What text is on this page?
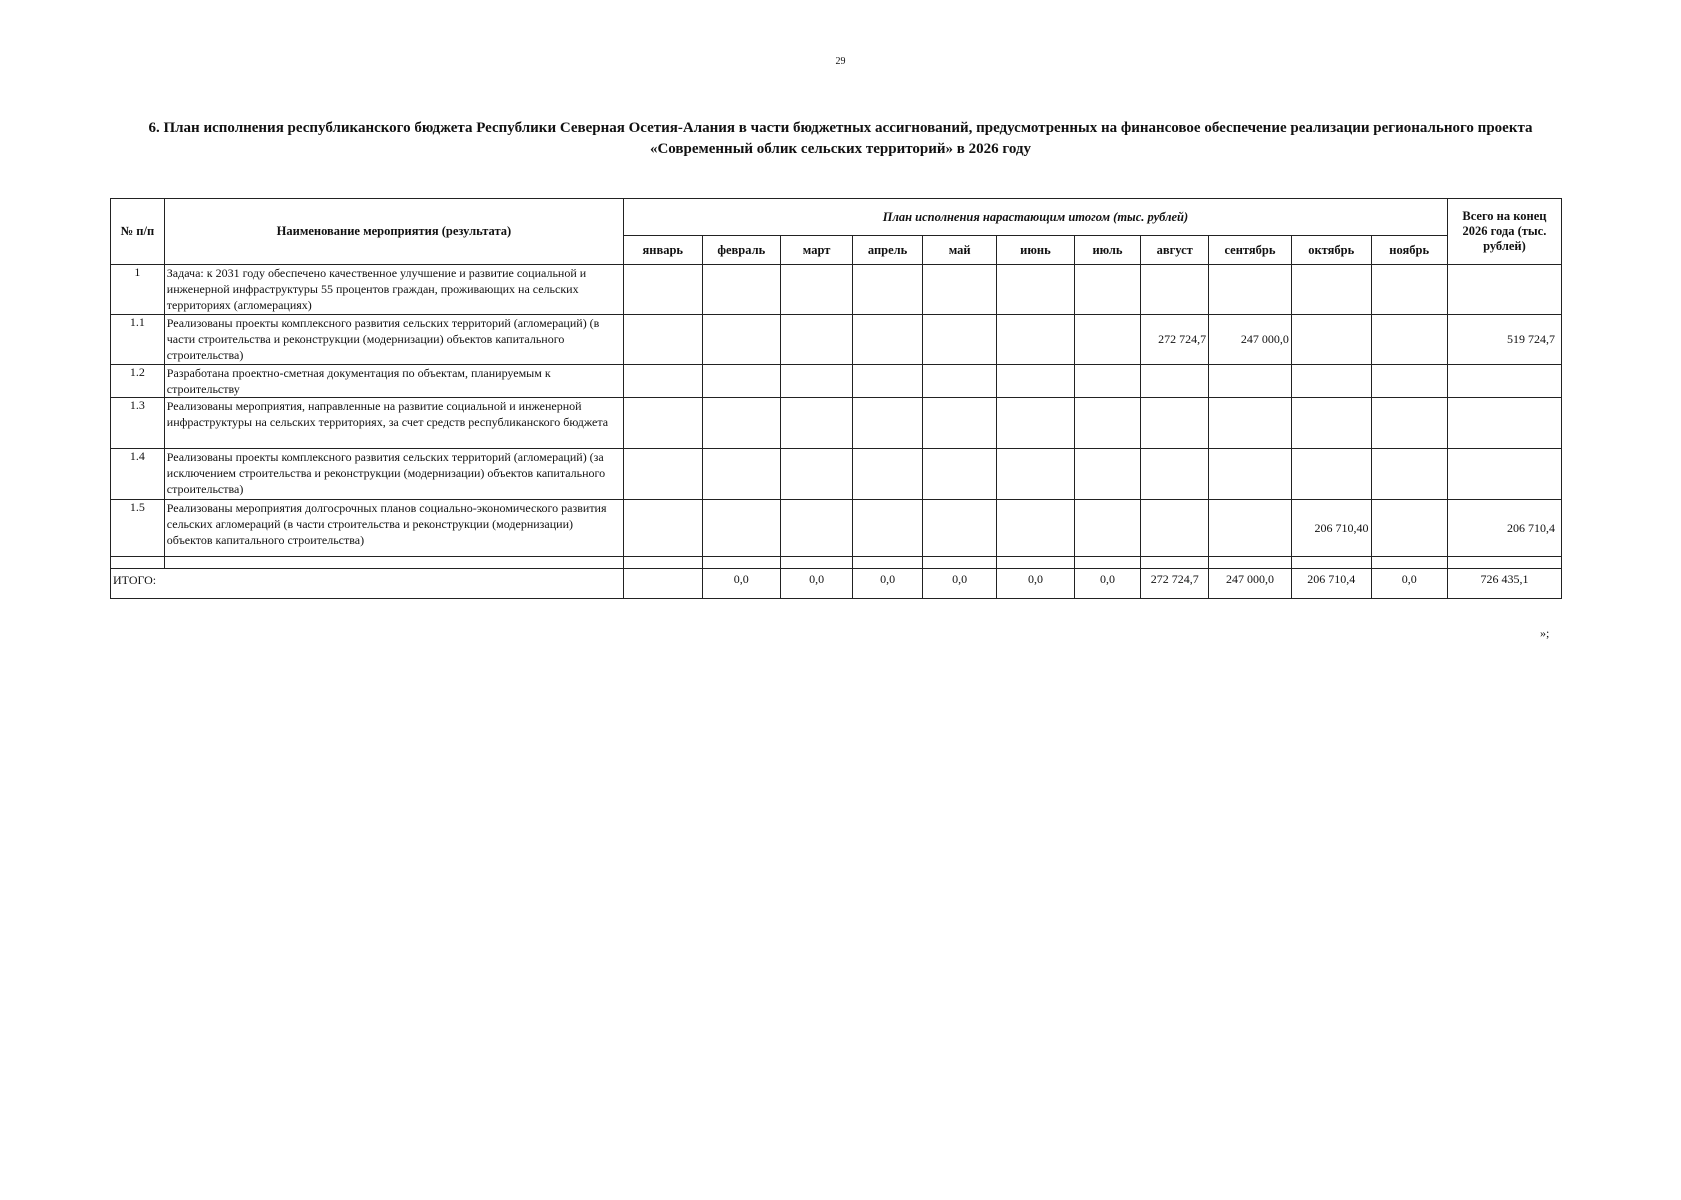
29
6. План исполнения республиканского бюджета Республики Северная Осетия-Алания в части бюджетных ассигнований, предусмотренных на финансовое обеспечение реализации регионального проекта
«Современный облик сельских территорий» в 2026 году
№ п/п	Наименование мероприятия (результата)	План исполнения нарастающим итогом (тыс. рублей)											Всего на конец 2026 года (тыс. рублей)
		январь	февраль	март	апрель	май	июнь	июль	август	сентябрь	октябрь	ноябрь	
1	Задача: к 2031 году обеспечено качественное улучшение и развитие социальной и инженерной инфраструктуры 55 процентов граждан, проживающих на сельских территориях (агломерациях)												
1.1	Реализованы проекты комплексного развития сельских территорий (агломераций) (в части строительства и реконструкции (модернизации) объектов капитального строительства)								272 724,7	247 000,0			519 724,7
1.2	Разработана проектно-сметная документация по объектам, планируемым к строительству												
1.3	Реализованы мероприятия, направленные на развитие социальной и инженерной инфраструктуры на сельских территориях, за счет средств республиканского бюджета												
1.4	Реализованы проекты комплексного развития сельских территорий (агломераций) (за исключением строительства и реконструкции (модернизации) объектов капитального строительства)												
1.5	Реализованы мероприятия долгосрочных планов социально-экономического развития сельских агломераций (в части строительства и реконструкции (модернизации) объектов капитального строительства)										206 710,40		206 710,4

ИТОГО:			0,0	0,0	0,0	0,0	0,0	0,0	272 724,7	247 000,0	206 710,4	0,0	726 435,1
»;
